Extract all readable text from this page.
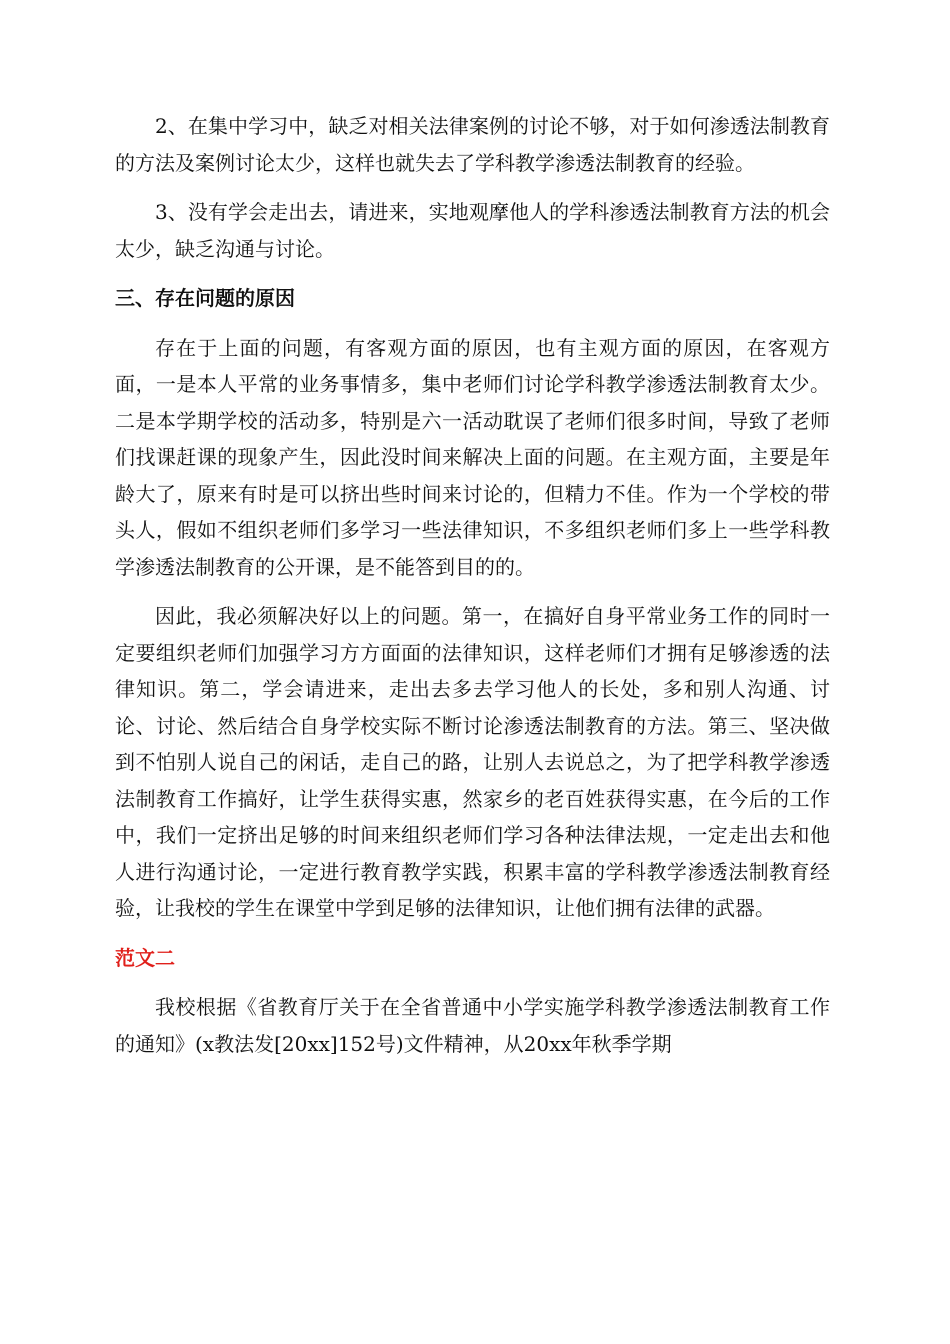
2、在集中学习中，缺乏对相关法律案例的讨论不够，对于如何渗透法制教育的方法及案例讨论太少，这样也就失去了学科教学渗透法制教育的经验。

3、没有学会走出去，请进来，实地观摩他人的学科渗透法制教育方法的机会太少，缺乏沟通与讨论。

三、存在问题的原因

存在于上面的问题，有客观方面的原因，也有主观方面的原因，在客观方面，一是本人平常的业务事情多，集中老师们讨论学科教学渗透法制教育太少。二是本学期学校的活动多，特别是六一活动耽误了老师们很多时间，导致了老师们找课赶课的现象产生，因此没时间来解决上面的问题。在主观方面，主要是年龄大了，原来有时是可以挤出些时间来讨论的，但精力不佳。作为一个学校的带头人，假如不组织老师们多学习一些法律知识，不多组织老师们多上一些学科教学渗透法制教育的公开课，是不能答到目的的。

因此，我必须解决好以上的问题。第一，在搞好自身平常业务工作的同时一定要组织老师们加强学习方方面面的法律知识，这样老师们才拥有足够渗透的法律知识。第二，学会请进来，走出去多去学习他人的长处，多和别人沟通、讨论、讨论、然后结合自身学校实际不断讨论渗透法制教育的方法。第三、坚决做到不怕别人说自己的闲话，走自己的路，让别人去说总之，为了把学科教学渗透法制教育工作搞好，让学生获得实惠，然家乡的老百姓获得实惠，在今后的工作中，我们一定挤出足够的时间来组织老师们学习各种法律法规，一定走出去和他人进行沟通讨论，一定进行教育教学实践，积累丰富的学科教学渗透法制教育经验，让我校的学生在课堂中学到足够的法律知识，让他们拥有法律的武器。

范文二

我校根据《省教育厅关于在全省普通中小学实施学科教学渗透法制教育工作的通知》(x教法发[20xx]152号)文件精神，从20xx年秋季学期
